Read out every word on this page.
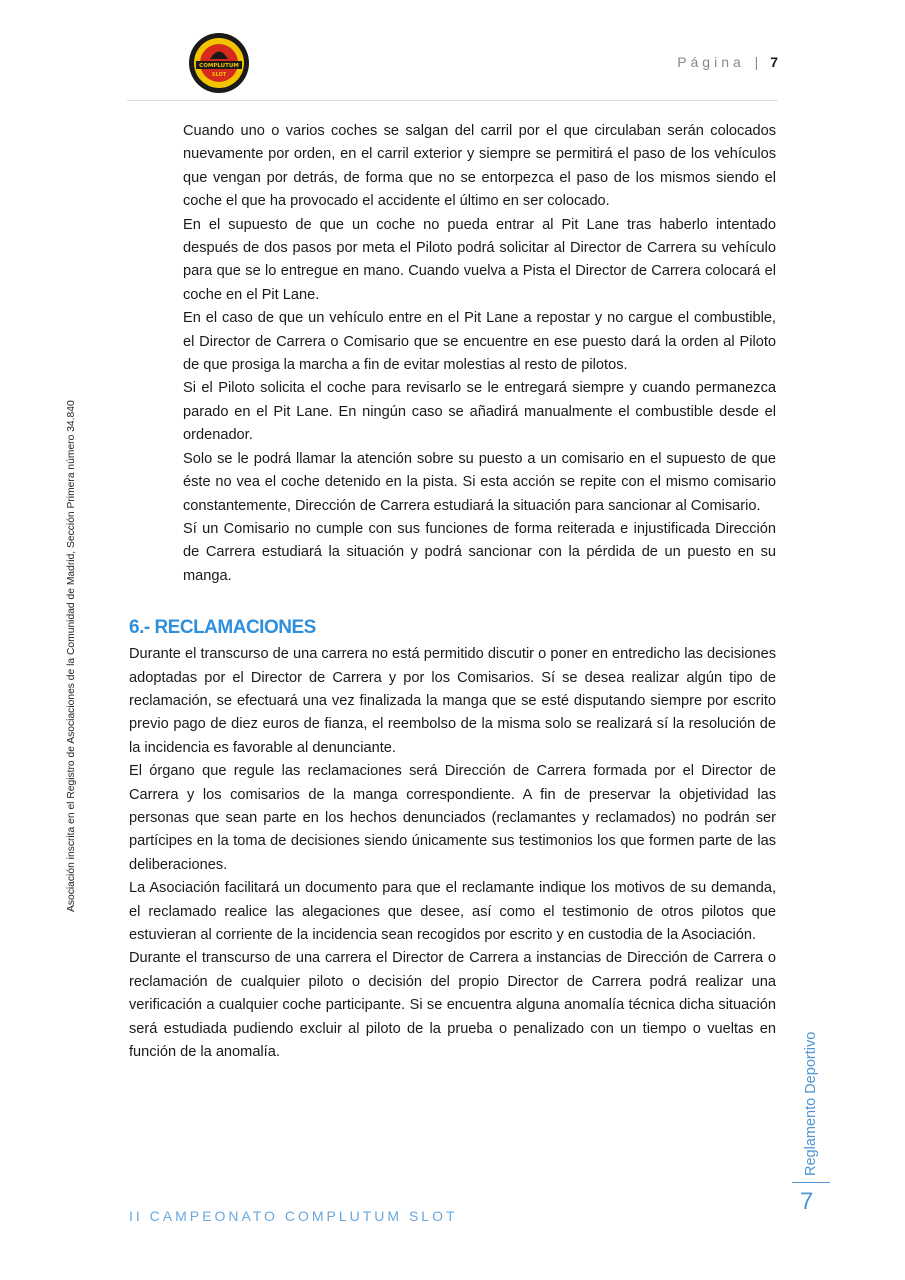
COMPLUTUM
SLOT
Página | 7
Asociación inscrita en el Registro de Asociaciones de la Comunidad de Madrid, Sección Primera número 34.840

Cuando uno o varios coches se salgan del carril por el que circulaban serán colocados nuevamente por orden, en el carril exterior y siempre se permitirá el paso de los vehículos que vengan por detrás, de forma que no se entorpezca el paso de los mismos siendo el coche el que ha provocado el accidente el último en ser colocado.

En el supuesto de que un coche no pueda entrar al Pit Lane tras haberlo intentado después de dos pasos por meta el Piloto podrá solicitar al Director de Carrera su vehículo para que se lo entregue en mano. Cuando vuelva a Pista el Director de Carrera colocará el coche en el Pit Lane.

En el caso de que un vehículo entre en el Pit Lane a repostar y no cargue el combustible, el Director de Carrera o Comisario que se encuentre en ese puesto dará la orden al Piloto de que prosiga la marcha a fin de evitar molestias al resto de pilotos.

Si el Piloto solicita el coche para revisarlo se le entregará siempre y cuando permanezca parado en el Pit Lane. En ningún caso se añadirá manualmente el combustible desde el ordenador.

Solo se le podrá llamar la atención sobre su puesto a un comisario en el supuesto de que éste no vea el coche detenido en la pista. Si esta acción se repite con el mismo comisario constantemente, Dirección de Carrera estudiará la situación para sancionar al Comisario.

Sí un Comisario no cumple con sus funciones de forma reiterada e injustificada Dirección de Carrera estudiará la situación y podrá sancionar con la pérdida de un puesto en su manga.

6.- RECLAMACIONES

Durante el transcurso de una carrera no está permitido discutir o poner en entredicho las decisiones adoptadas por el Director de Carrera y por los Comisarios. Sí se desea realizar algún tipo de reclamación, se efectuará una vez finalizada la manga que se esté disputando siempre por escrito previo pago de diez euros de fianza, el reembolso de la misma solo se realizará sí la resolución de la incidencia es favorable al denunciante.

El órgano que regule las reclamaciones será Dirección de Carrera formada por el Director de Carrera y los comisarios de la manga correspondiente. A fin de preservar la objetividad las personas que sean parte en los hechos denunciados (reclamantes y reclamados) no podrán ser partícipes en la toma de decisiones siendo únicamente sus testimonios los que formen parte de las deliberaciones.

La Asociación facilitará un documento para que el reclamante indique los motivos de su demanda, el reclamado realice las alegaciones que desee, así como el testimonio de otros pilotos que estuvieran al corriente de la incidencia sean recogidos por escrito y en custodia de la Asociación.

Durante el transcurso de una carrera el Director de Carrera a instancias de Dirección de Carrera o reclamación de cualquier piloto o decisión del propio Director de Carrera podrá realizar una verificación a cualquier coche participante. Si se encuentra alguna anomalía técnica dicha situación será estudiada pudiendo excluir al piloto de la prueba o penalizado con un tiempo o vueltas en función de la anomalía.	Reglamento Deportivo
7
II CAMPEONATO COMPLUTUM SLOT
